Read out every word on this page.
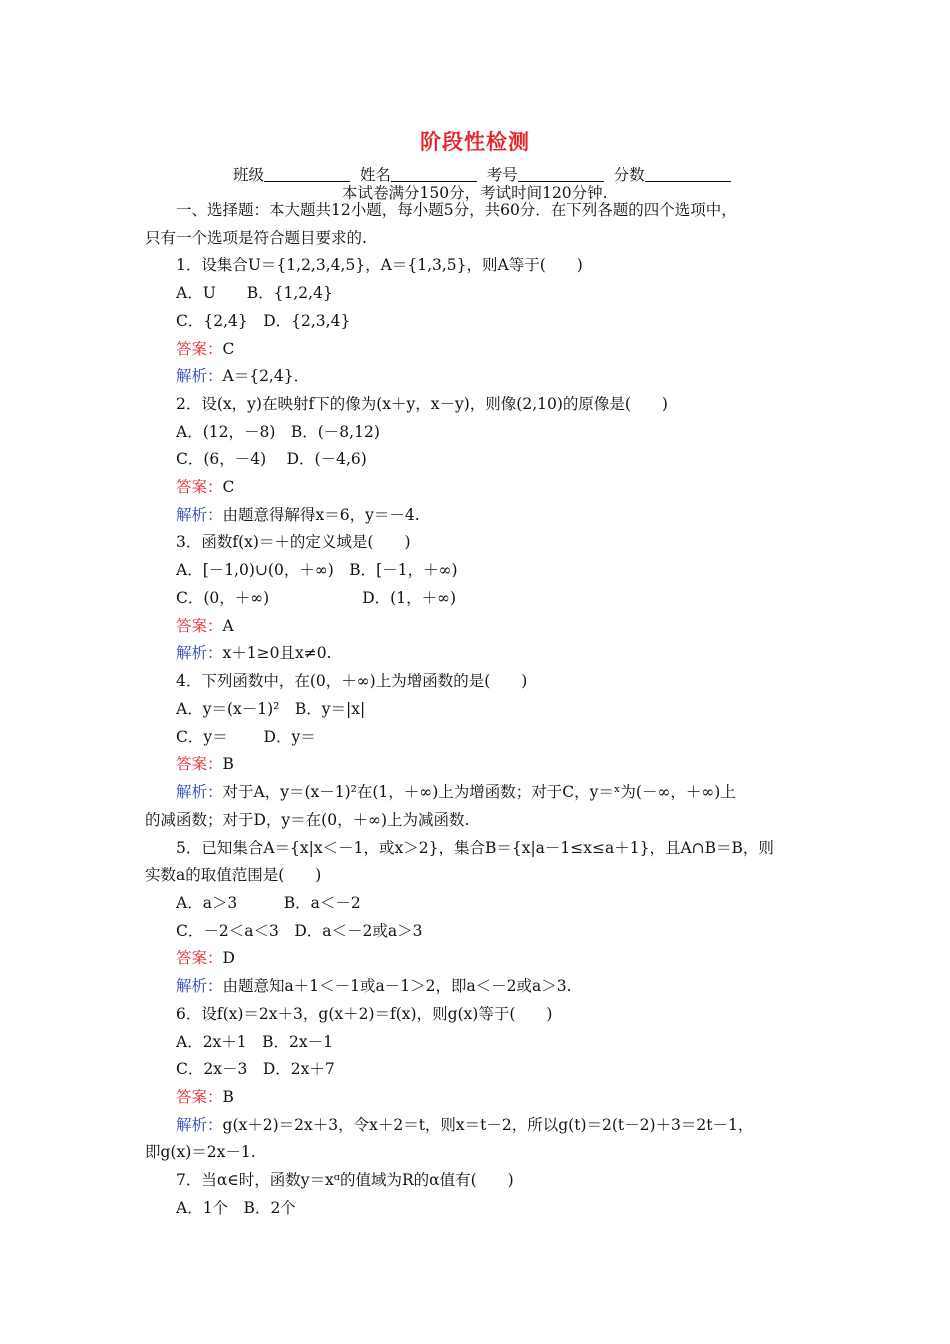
阶段性检测
班级	姓名	考号	分数
本试卷满分150分，考试时间120分钟.
一、选择题：本大题共12小题，每小题5分，共60分．在下列各题的四个选项中，
只有一个选项是符合题目要求的.
1．设集合U＝{1,2,3,4,5}，A＝{1,3,5}，则A等于(　　)
A．U　　B．{1,2,4}
C．{2,4}　D．{2,3,4}
答案：C
解析：A＝{2,4}．
2．设(x，y)在映射f下的像为(x＋y，x－y)，则像(2,10)的原像是(　　)
A．(12，－8)　B．(－8,12)
C．(6，－4)　 D．(－4,6)
答案：C
解析：由题意得解得x＝6，y＝－4.
3．函数f(x)＝＋的定义域是(　　)
A．[－1,0)∪(0，＋∞)　B．[－1，＋∞)
C．(0，＋∞)　　　　　　D．(1，＋∞)
答案：A
解析：x＋1≥0且x≠0.
4．下列函数中，在(0，＋∞)上为增函数的是(　　)
A．y＝(x－1)²　B．y＝|x|
C．y＝　　 D．y＝
答案：B
解析：对于A，y＝(x－1)²在(1，＋∞)上为增函数；对于C，y＝ˣ为(－∞，＋∞)上
的减函数；对于D，y＝在(0，＋∞)上为减函数.
5．已知集合A＝{x|x＜－1，或x＞2}，集合B＝{x|a－1≤x≤a＋1}，且A∩B＝B，则
实数a的取值范围是(　　)
A．a＞3　　　B．a＜－2
C．－2＜a＜3　D．a＜－2或a＞3
答案：D
解析：由题意知a＋1＜－1或a－1＞2，即a＜－2或a＞3.
6．设f(x)＝2x＋3，g(x＋2)＝f(x)，则g(x)等于(　　)
A．2x＋1　B．2x－1
C．2x－3　D．2x＋7
答案：B
解析：g(x＋2)＝2x＋3，令x＋2＝t，则x＝t－2，所以g(t)＝2(t－2)＋3＝2t－1，
即g(x)＝2x－1.
7．当α∈时，函数y＝xᵅ的值域为R的α值有(　　)
A．1个　B．2个
